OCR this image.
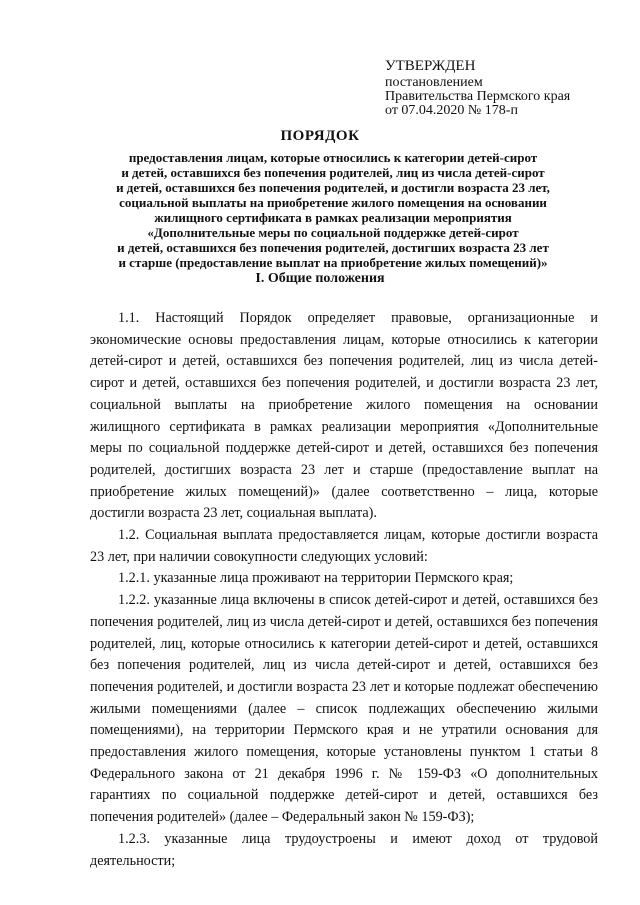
УТВЕРЖДЕН
постановлением
Правительства Пермского края
от 07.04.2020 № 178-п
ПОРЯДОК
предоставления лицам, которые относились к категории детей-сирот
и детей, оставшихся без попечения родителей, лиц из числа детей-сирот
и детей, оставшихся без попечения родителей, и достигли возраста 23 лет,
социальной выплаты на приобретение жилого помещения на основании
жилищного сертификата в рамках реализации мероприятия
«Дополнительные меры по социальной поддержке детей-сирот
и детей, оставшихся без попечения родителей, достигших возраста 23 лет
и старше (предоставление выплат на приобретение жилых помещений)»
I. Общие положения

1.1. Настоящий Порядок определяет правовые, организационные и экономические основы предоставления лицам, которые относились к категории детей-сирот и детей, оставшихся без попечения родителей, лиц из числа детей-сирот и детей, оставшихся без попечения родителей, и достигли возраста 23 лет, социальной выплаты на приобретение жилого помещения на основании жилищного сертификата в рамках реализации мероприятия «Дополнительные меры по социальной поддержке детей-сирот и детей, оставшихся без попечения родителей, достигших возраста 23 лет и старше (предоставление выплат на приобретение жилых помещений)» (далее соответственно – лица, которые достигли возраста 23 лет, социальная выплата).

1.2. Социальная выплата предоставляется лицам, которые достигли возраста 23 лет, при наличии совокупности следующих условий:

1.2.1. указанные лица проживают на территории Пермского края;

1.2.2. указанные лица включены в список детей-сирот и детей, оставшихся без попечения родителей, лиц из числа детей-сирот и детей, оставшихся без попечения родителей, лиц, которые относились к категории детей-сирот и детей, оставшихся без попечения родителей, лиц из числа детей-сирот и детей, оставшихся без попечения родителей, и достигли возраста 23 лет и которые подлежат обеспечению жилыми помещениями (далее – список подлежащих обеспечению жилыми помещениями), на территории Пермского края и не утратили основания для предоставления жилого помещения, которые установлены пунктом 1 статьи 8 Федерального закона от 21 декабря 1996 г. № 159-ФЗ «О дополнительных гарантиях по социальной поддержке детей-сирот и детей, оставшихся без попечения родителей» (далее – Федеральный закон № 159-ФЗ);

1.2.3. указанные лица трудоустроены и имеют доход от трудовой деятельности;
